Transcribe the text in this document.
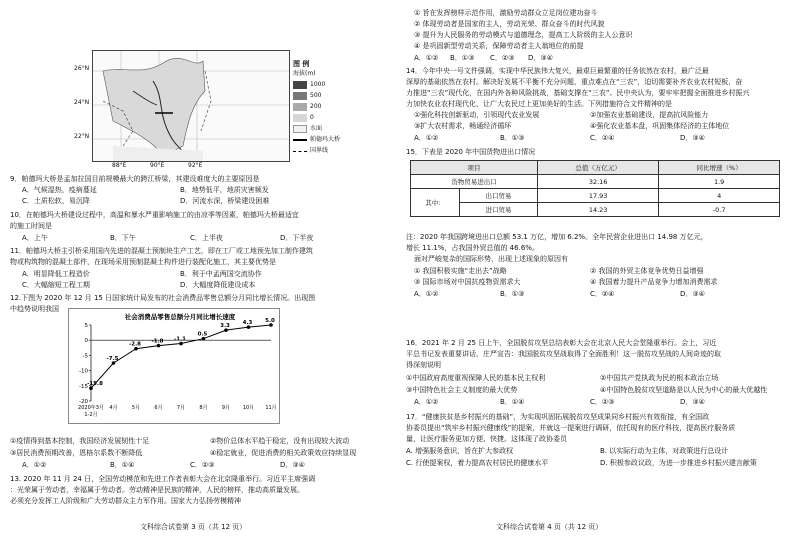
图 例
海拔(m)
1000
500
200
0
水面
帕德玛大桥
国界线
26°N
24°N
22°N
88°E	90°E	92°E
9．帕德玛大桥是孟加拉国目前规模最大的跨江桥梁，其建设难度大的主要原因是
A．气候湿热，疫病蔓延	B．地势低平，地质灾害频发
C．土质松软，易沉降	D．河流水深，桥梁建设困难
10．在帕德玛大桥建设过程中，高温和暴水严重影响施工的由凉季等因素，帕德玛大桥最适宜
的施工时间是
A．上午	B．下午	C．上半夜	D．下半夜
11．帕德玛大桥主引桥采用国内先进的混凝土预制块生产工艺，即在工厂或工地预先加工制作建筑
物或构筑物的混凝土部件，在现场采用预制混凝土构件进行装配化施工，其主要优势是
A．明显降低工程造价	B．利于中孟两国交流协作
C．大幅缩短工程工期	D．大幅度降低建设成本
12.下图为 2020 年 12 月 15 日国家统计局发布的社会消费品零售总额分月同比增长情况。出现图
中趋势说明我国
社会消费品零售总额分月同比增长速度
5
0
-5
-10
-15
-20
-15.8
-7.5
-2.8
-1.8 -1.1
0.5
3.3
4.3 5.0
2020年3月 4月	5月	6月	7月	8月	9月	10月 11月
1-2月
①疫情得到基本控制，我国经济发展韧性十足	②物价总体水平趋于稳定，没有出现较大波动
③居民消费预期改善，恩格尔系数不断降低	④稳定就业，促进消费的相关政策效应持续显现
A．①②	B．①④	C．②③	D．③④
13. 2020 年 11 月 24 日，全国劳动模范和先进工作者表彰大会在北京隆重举行。习近平主席强调
：光荣属于劳动者，幸福属于劳动者。劳动精神是民族的精神，人民的榜样，推动高质量发展。
必须充分发挥工人阶级和广大劳动群众主力军作用。国家大力弘扬劳模精神
文科综合试卷第 3 页（共 12 页）
① 旨在发挥榜样示范作用，激励劳动群众立足岗位建功奋斗
② 体现劳动者是国家的主人，劳动光荣、群众奋斗的时代风貌
③ 提升为人民服务的劳动模式与道德理念，提高工人阶级的主人公意识
④ 是巩固新型劳动关系，保障劳动者主人翁地位的前提
A．①② B．①③ C．②③ D．③④
14．今年中央一号文件强调，实现中华民族伟大复兴，最艰巨最繁重的任务依然在农村，最广泛最
深厚的基础依然在农村。解决好发展不平衡不充分问题，重点难点在“三农”，迫切需要补齐农业农村短板，奋
力推进“三农”现代化，在国内外各种风险挑战，基础支撑在“三农”。民中央认为，要牢牢把握全面推进乡村振兴
力加快农业农村现代化，让广大农民过上更加美好的生活。下列措施符合文件精神的是
①强化科技创新驱动，引领现代农业发展	②加强农业基础建设，提高抗风险能力
③扩大农村需求，畅通经济循环	④强化农业基本盘，巩固集体经济的主体地位
A．①②	B．①③	C．②④	D．③④
15．下表是 2020 年中国货物进出口情况
项目		总值（万亿元）	同比增速（%）
货物贸易进出口		32.16	1.9
其中：	出口贸易	17.93	4
	进口贸易	14.23	-0.7
注：2020 年我国跨境进出口总额 53.1 万亿，增加 6.2%。全年民营企业进出口 14.98 万亿元，
增长 11.1%，占我国外贸总值的 46.6%。
面对严峻复杂的国际形势，出现上述现象的原因有
① 我国积极实施“走出去”战略	② 我国的外贸主体竞争优势日益增强
③ 国际市场对中国抗疫物资需求大	④ 我国着力提升产品竞争力增加消费需求
A．①②	B．①③	C．②④	D．③④
16．2021 年 2 月 25 日上午，全国脱贫攻坚总结表彰大会在北京人民大会堂隆重举行。会上，习近
平总书记发表重要讲话，庄严宣告：我国脱贫攻坚战取得了全面胜利！这一脱贫攻坚战的人间奇迹的取
得深刻说明
①中国政府高度重视保障人民的基本民主权利	②中国共产党执政为民的根本政治立场
③中国特色社会主义制度的最大优势	④中国特色脱贫攻坚道路是以人民为中心的最大优越性
A．①②	B．①④	C．②③	D．③④
17．“健康扶贫是乡村振兴的基础”，为实现巩固拓展脱贫攻坚成果同乡村振兴有效衔接，有全国政
协委员提出“筑牢乡村振兴健康线”的提案，并就这一提案进行调研，依托现有的医疗科技，提高医疗服务质
量，让医疗服务更加方便、快捷。这体现了政协委员
A. 增强服务意识，旨在扩大参政权	B. 以实际行动为主体，对政策进行总设计
C. 行使提案权，着力提高农村居民的健康水平	D. 积极参政议政，为进一步推进乡村振兴建言献策
文科综合试卷第 4 页（共 12 页）
